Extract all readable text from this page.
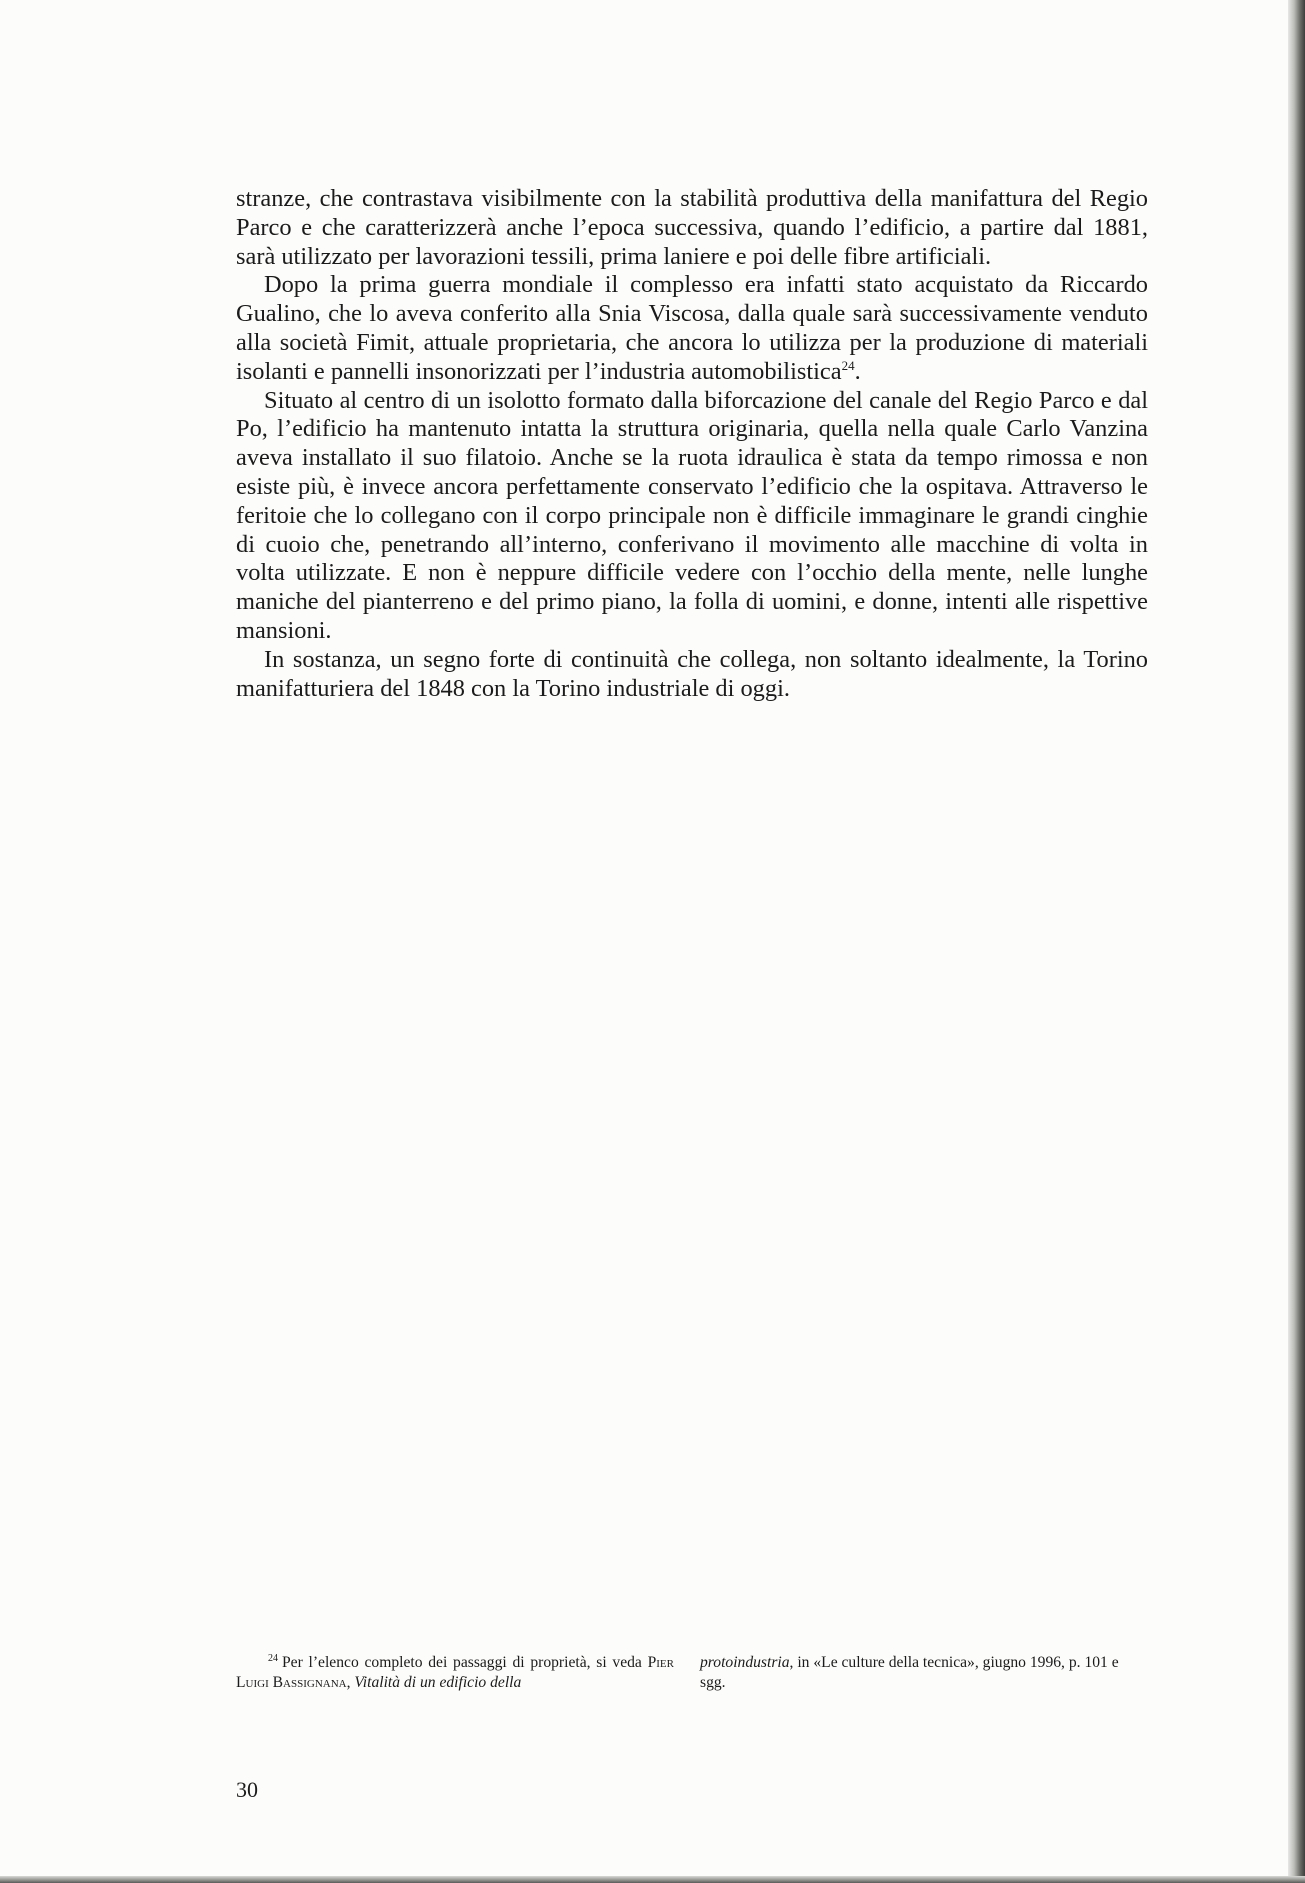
stranze, che contrastava visibilmente con la stabilità produttiva della manifattura del Regio Parco e che caratterizzerà anche l’epoca successiva, quando l’edificio, a partire dal 1881, sarà utilizzato per lavorazioni tessili, prima laniere e poi delle fibre artificiali.

Dopo la prima guerra mondiale il complesso era infatti stato acquistato da Riccardo Gualino, che lo aveva conferito alla Snia Viscosa, dalla quale sarà successivamente venduto alla società Fimit, attuale proprietaria, che ancora lo utilizza per la produzione di materiali isolanti e pannelli insonorizzati per l’industria automobilistica$^{24}$.

Situato al centro di un isolotto formato dalla biforcazione del canale del Regio Parco e dal Po, l’edificio ha mantenuto intatta la struttura originaria, quella nella quale Carlo Vanzina aveva installato il suo filatoio. Anche se la ruota idraulica è stata da tempo rimossa e non esiste più, è invece ancora perfettamente conservato l’edificio che la ospitava. Attraverso le feritoie che lo collegano con il corpo principale non è difficile immaginare le grandi cinghie di cuoio che, penetrando all’interno, conferivano il movimento alle macchine di volta in volta utilizzate. E non è neppure difficile vedere con l’occhio della mente, nelle lunghe maniche del pianterreno e del primo piano, la folla di uomini, e donne, intenti alle rispettive mansioni.

In sostanza, un segno forte di continuità che collega, non soltanto idealmente, la Torino manifatturiera del 1848 con la Torino industriale di oggi.

$^{24}$ Per l’elenco completo dei passaggi di proprietà, si veda Pier Luigi Bassignana, Vitalità di un edificio della
protoindustria, in «Le culture della tecnica», giugno 1996, p. 101 e sgg.
30
